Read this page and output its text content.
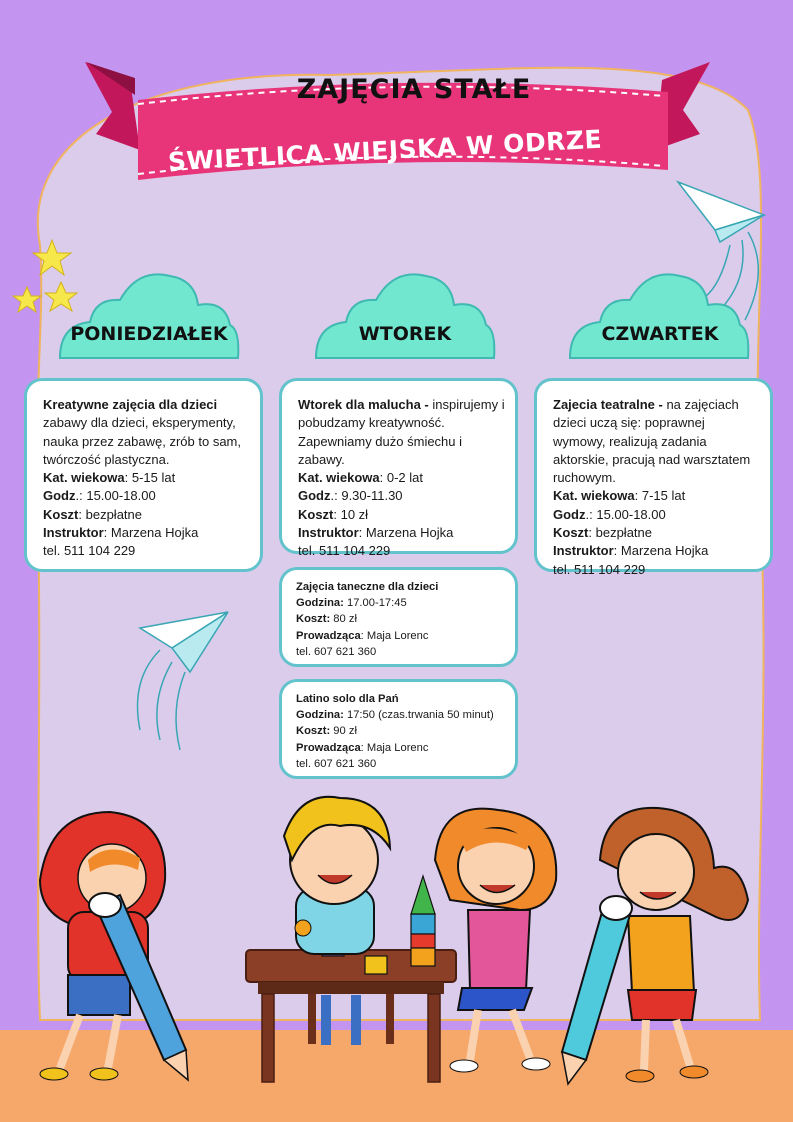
ZAJĘCIA STAŁE
ŚWIETLICA WIEJSKA W ODRZE
PONIEDZIAŁEK	WTOREK	CZWARTEK

Kreatywne zajęcia dla dzieci

zabawy dla dzieci, eksperymenty, nauka przez zabawę, zrób to sam, twórczość plastyczna.

Kat. wiekowa: 5-15 lat

Godz.: 15.00-18.00

Koszt: bezpłatne

Instruktor: Marzena Hojka

tel. 511 104 229

Wtorek dla malucha - inspirujemy i pobudzamy kreatywność. Zapewniamy dużo śmiechu i zabawy.

Kat. wiekowa: 0-2 lat

Godz.: 9.30-11.30

Koszt: 10 zł

Instruktor: Marzena Hojka

tel. 511 104 229

Zajecia teatralne - na zajęciach dzieci uczą się: poprawnej wymowy, realizują zadania aktorskie, pracują nad warsztatem ruchowym.

Kat. wiekowa: 7-15 lat

Godz.: 15.00-18.00

Koszt: bezpłatne

Instruktor: Marzena Hojka

tel. 511 104 229

Zajęcia taneczne dla dzieci

Godzina: 17.00-17:45

Koszt: 80 zł

Prowadząca: Maja Lorenc

tel. 607 621 360

Latino solo dla Pań

Godzina: 17:50 (czas.trwania 50 minut)

Koszt: 90 zł

Prowadząca: Maja Lorenc

tel. 607 621 360
